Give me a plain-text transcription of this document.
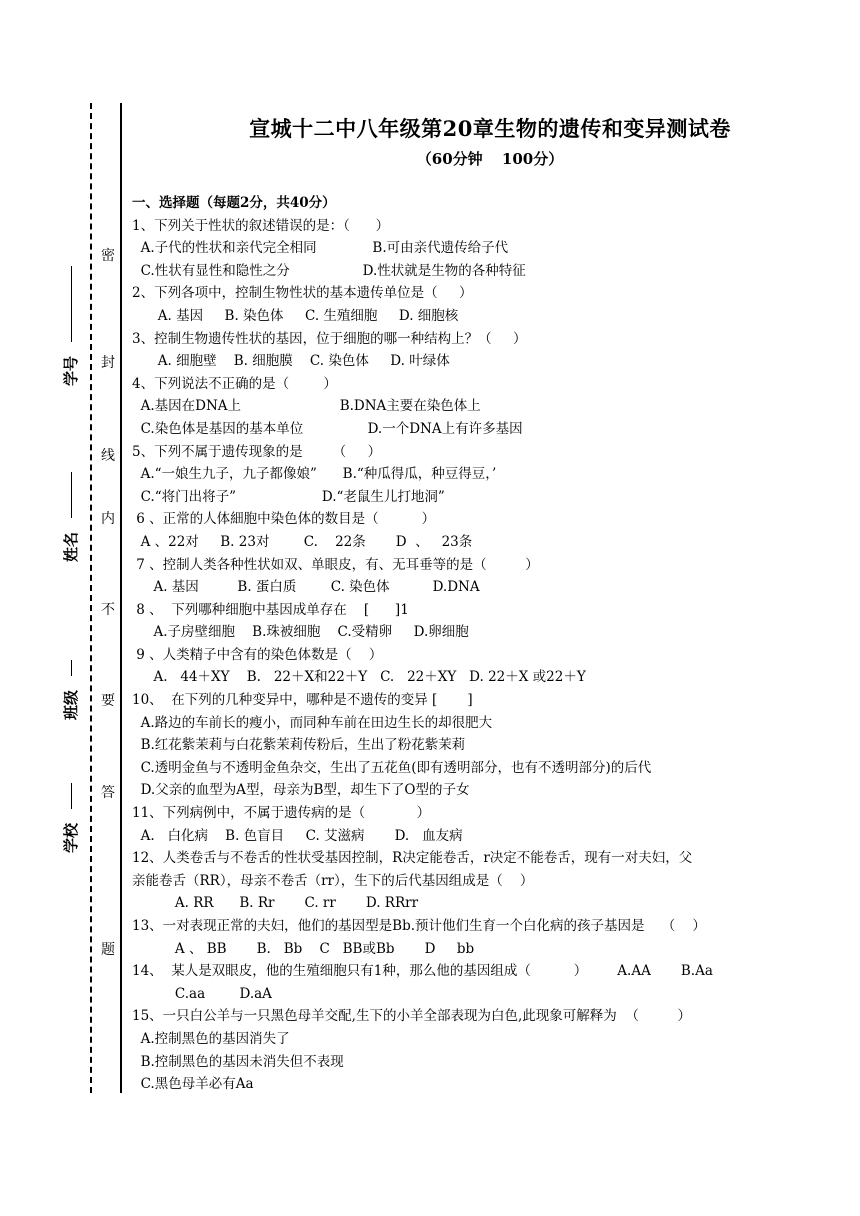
密
封
线
内
不
要
答
题
学号
姓名
班级
学校
宣城十二中八年级第20章生物的遗传和变异测试卷
（60分钟 100分）
一、选择题（每题2分，共40分）
1、下列关于性状的叙述错误的是：（      ）
A.子代的性状和亲代完全相同             B.可由亲代遗传给子代
C.性状有显性和隐性之分                 D.性状就是生物的各种特征
2、下列各项中，控制生物性状的基本遗传单位是（     ）
A. 基因     B. 染色体     C. 生殖细胞     D. 细胞核
3、控制生物遗传性状的基因，位于细胞的哪一种结构上？（     ）
A. 细胞壁    B. 细胞膜    C. 染色体     D. 叶绿体
4、下列说法不正确的是（        ）
A.基因在DNA上                       B.DNA主要在染色体上
C.染色体是基因的基本单位               D.一个DNA上有许多基因
5、下列不属于遗传现象的是       （     ）
A.“一娘生九子，九子都像娘”      B.“种瓜得瓜，种豆得豆，’
C.“将门出将子”                    D.“老鼠生儿打地洞”
6 、正常的人体細胞中染色体的数目是（          ）
A 、22对     B. 23对        C.    22条       D  、   23条
7 、控制人类各种性状如双、单眼皮，有、无耳垂等的是（         ）
A. 基因         B. 蛋白质        C. 染色体          D.DNA
8 、  下列哪种细胞中基因成单存在    [      ]1
A.子房壁细胞    B.珠被细胞    C.受精卵     D.卵细胞
9 、人类精子中含有的染色体数是（    ）
A.   44＋XY    B.   22＋X和22＋Y   C.   22＋XY   D. 22＋X 或22＋Y
10、  在下列的几种变异中，哪种是不遗传的变异 [       ]
A.路边的车前长的瘦小，而同种车前在田边生长的却很肥大
B.红花紫茉莉与白花紫茉莉传粉后，生出了粉花紫茉莉
C.透明金鱼与不透明金鱼杂交，生出了五花鱼(即有透明部分，也有不透明部分)的后代
D.父亲的血型为A型，母亲为B型，却生下了O型的子女
11、下列病例中，不属于遗传病的是（            ）
A.   白化病    B. 色盲目     C. 艾滋病       D.   血友病
12、人类卷舌与不卷舌的性状受基因控制，R决定能卷舌，r决定不能卷舌，现有一对夫妇，父
亲能卷舌（RR），母亲不卷舌（rr），生下的后代基因组成是（    ）
A. RR      B. Rr       C. rr       D. RRrr
13、一对表现正常的夫妇，他们的基因型是Bb.预计他们生育一个白化病的孩子基因是    （    ）
A 、 BB       B.   Bb    C   BB或Bb       D     bb
14、  某人是双眼皮，他的生殖细胞只有1种，那么他的基因组成（          ）       A.AA       B.Aa
C.aa        D.aA
15、一只白公羊与一只黑色母羊交配,生下的小羊全部表现为白色,此现象可解释为  （         ）
A.控制黑色的基因消失了
B.控制黑色的基因未消失但不表现
C.黑色母羊必有Aa
